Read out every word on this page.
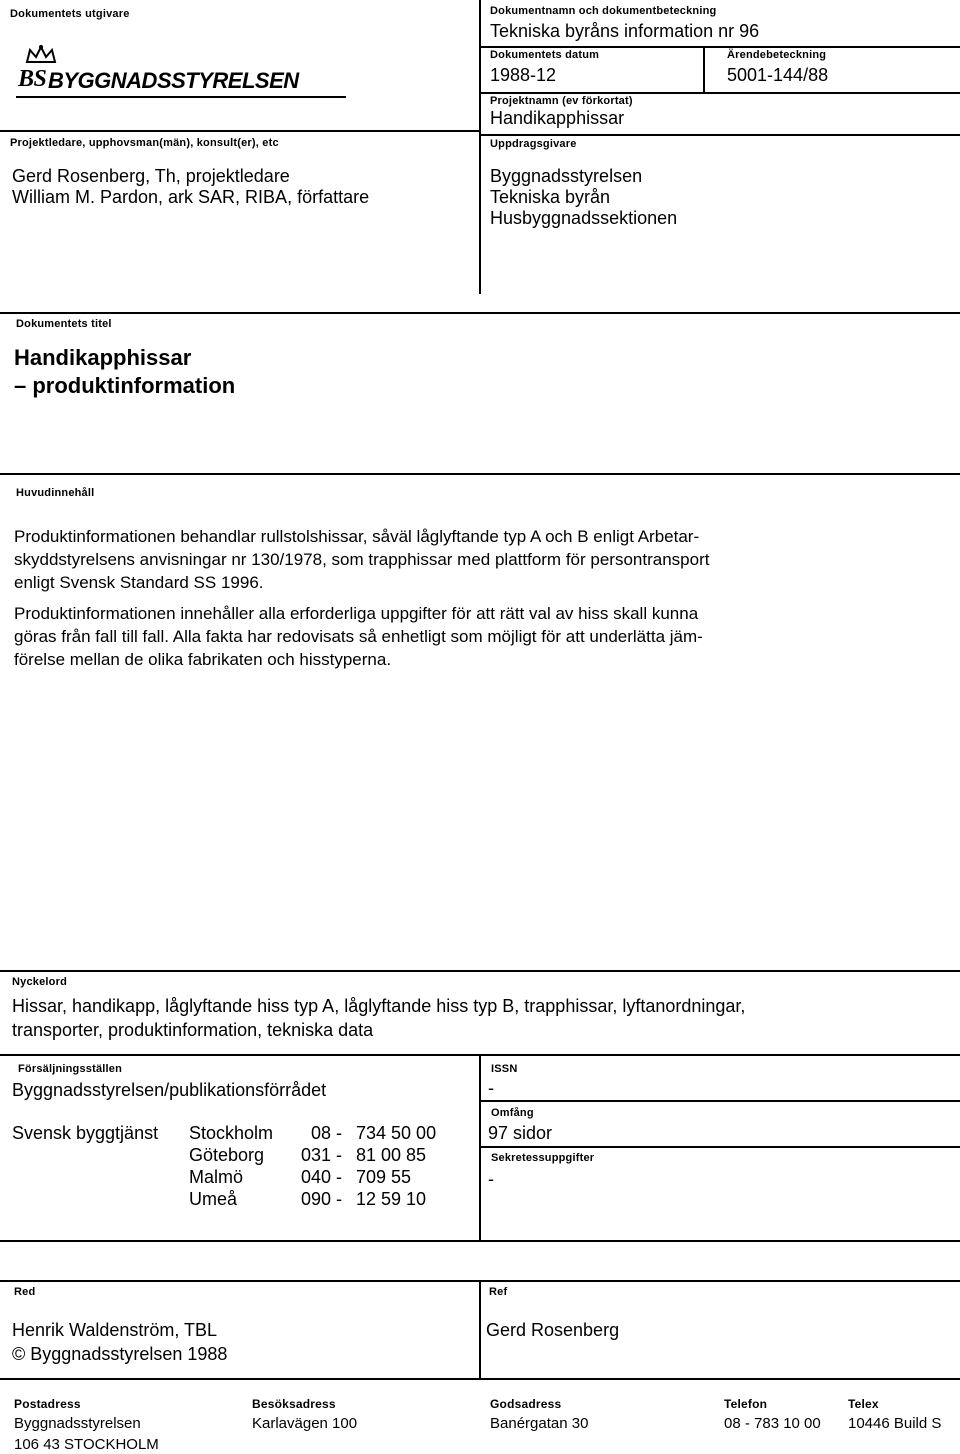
Dokumentets utgivare
BS BYGGNADSSTYRELSEN
Projektledare, upphovsman(män), konsult(er), etc
Gerd Rosenberg, Th, projektledare
William M. Pardon, ark SAR, RIBA, författare
Dokumentnamn och dokumentbeteckning
Tekniska byråns information nr 96
Dokumentets datum
1988-12
Ärendebeteckning
5001-144/88
Projektnamn (ev förkortat)
Handikapphissar
Uppdragsgivare
Byggnadsstyrelsen
Tekniska byrån
Husbyggnadssektionen
Dokumentets titel
Handikapphissar
– produktinformation
Huvudinnehåll
Produktinformationen behandlar rullstolshissar, såväl låglyftande typ A och B enligt Arbetar-
skyddstyrelsens anvisningar nr 130/1978, som trapphissar med plattform för persontransport
enligt Svensk Standard SS 1996.
Produktinformationen innehåller alla erforderliga uppgifter för att rätt val av hiss skall kunna
göras från fall till fall. Alla fakta har redovisats så enhetligt som möjligt för att underlätta jäm-
förelse mellan de olika fabrikaten och hisstyperna.
Nyckelord
Hissar, handikapp, låglyftande hiss typ A, låglyftande hiss typ B, trapphissar, lyftanordningar,
transporter, produktinformation, tekniska data
Försäljningsställen
Byggnadsstyrelsen/publikationsförrådet
Svensk byggtjänst Stockholm 08 - 734 50 00
Göteborg 031 - 81 00 85
Malmö	040 - 709 55
Umeå	090 - 12 59 10
ISSN
-
Omfång
97 sidor
Sekretessuppgifter
-
Red
Henrik Waldenström, TBL
© Byggnadsstyrelsen 1988
Ref
Gerd Rosenberg
Postadress
Byggnadsstyrelsen
106 43 STOCKHOLM
Besöksadress
Karlavägen 100
Godsadress
Banérgatan 30
Telefon
08 - 783 10 00
Telex
10446 Build S
